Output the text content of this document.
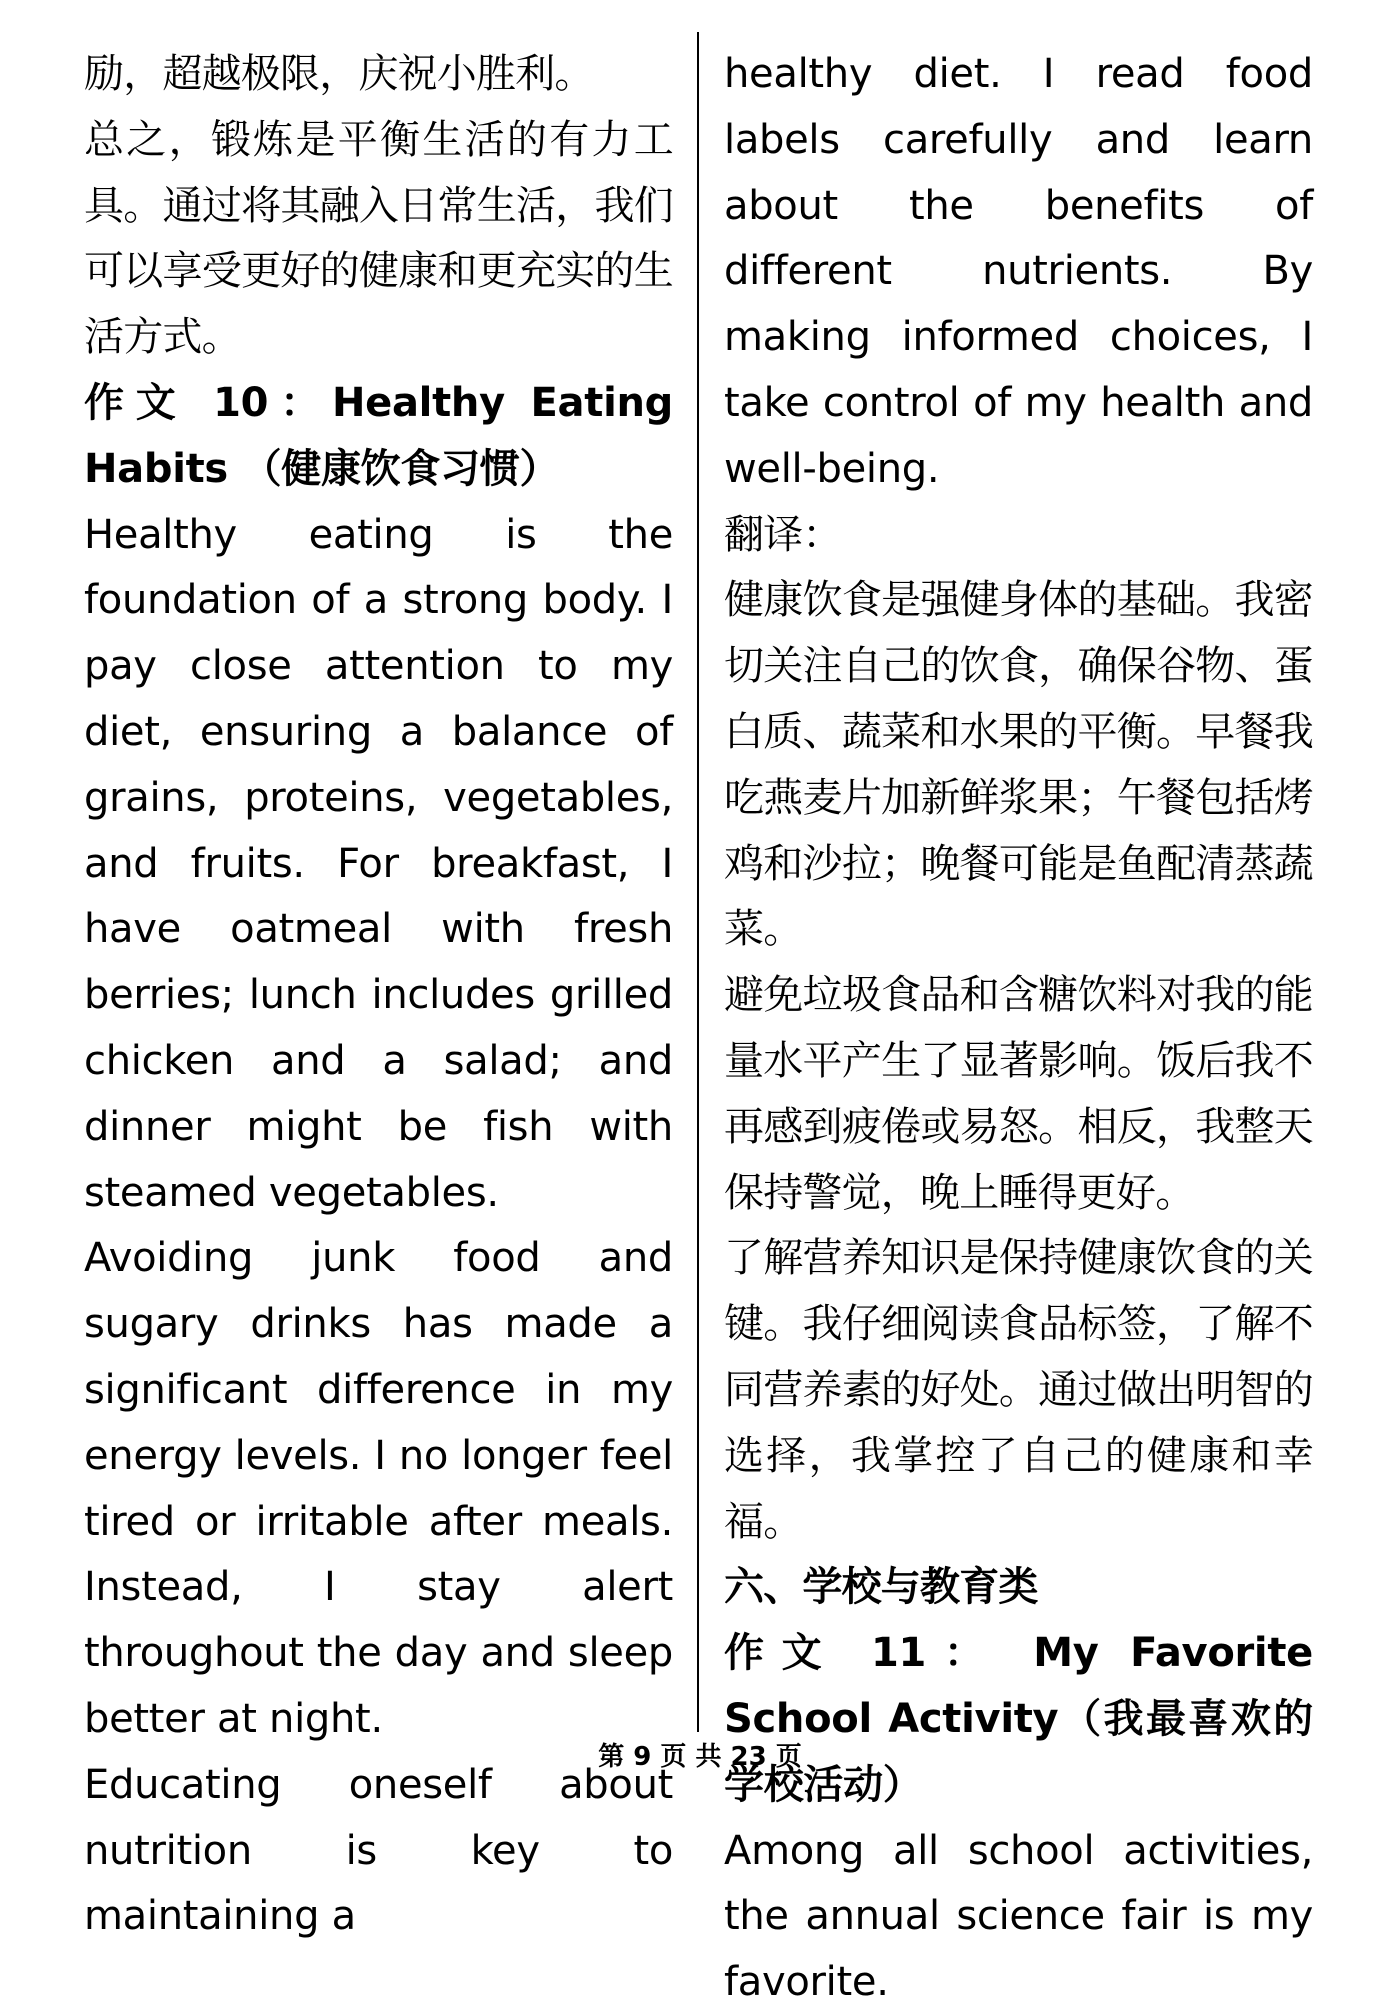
励，超越极限，庆祝小胜利。

总之，锻炼是平衡生活的有力工具。通过将其融入日常生活，我们可以享受更好的健康和更充实的生活方式。

作文 10：Healthy Eating Habits （健康饮食习惯）

Healthy eating is the foundation of a strong body. I pay close attention to my diet, ensuring a balance of grains, proteins, vegetables, and fruits. For breakfast, I have oatmeal with fresh berries; lunch includes grilled chicken and a salad; and dinner might be fish with steamed vegetables.

Avoiding junk food and sugary drinks has made a significant difference in my energy levels. I no longer feel tired or irritable after meals. Instead, I stay alert throughout the day and sleep better at night.

Educating oneself about nutrition is key to maintaining a

healthy diet. I read food labels carefully and learn about the benefits of different nutrients. By making informed choices, I take control of my health and well-being.

翻译：

健康饮食是强健身体的基础。我密切关注自己的饮食，确保谷物、蛋白质、蔬菜和水果的平衡。早餐我吃燕麦片加新鲜浆果；午餐包括烤鸡和沙拉；晚餐可能是鱼配清蒸蔬菜。

避免垃圾食品和含糖饮料对我的能量水平产生了显著影响。饭后我不再感到疲倦或易怒。相反，我整天保持警觉，晚上睡得更好。

了解营养知识是保持健康饮食的关键。我仔细阅读食品标签，了解不同营养素的好处。通过做出明智的选择，我掌控了自己的健康和幸福。

六、学校与教育类

作文 11： My Favorite School Activity（我最喜欢的学校活动）

Among all school activities, the annual science fair is my favorite.

第 9 页 共 23 页
